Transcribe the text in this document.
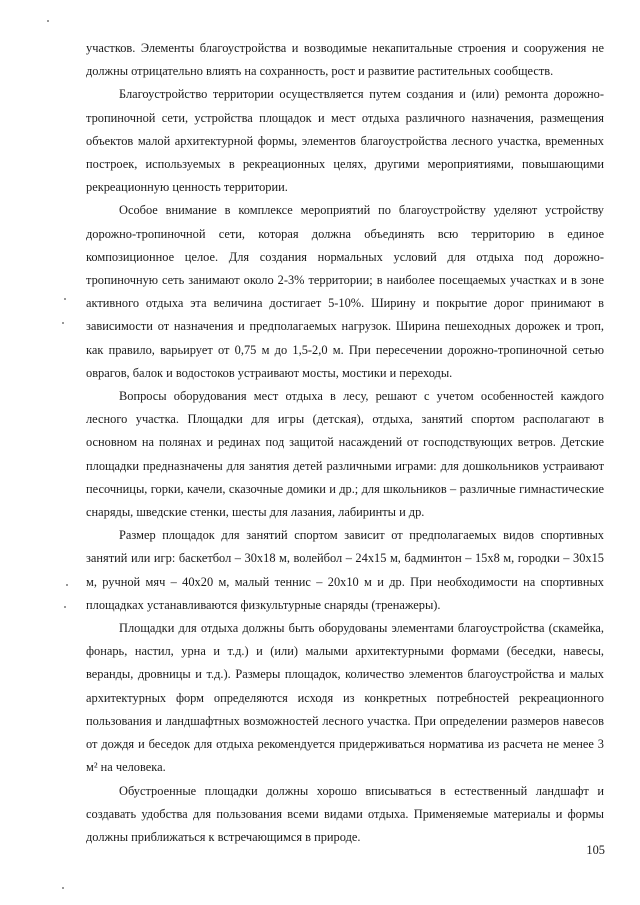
участков. Элементы благоустройства и возводимые некапитальные строения и сооружения не должны отрицательно влиять на сохранность, рост и развитие растительных сообществ.

Благоустройство территории осуществляется путем создания и (или) ремонта дорожно-тропиночной сети, устройства площадок и мест отдыха различного назначения, размещения объектов малой архитектурной формы, элементов благоустройства лесного участка, временных построек, используемых в рекреационных целях, другими мероприятиями, повышающими рекреационную ценность территории.

Особое внимание в комплексе мероприятий по благоустройству уделяют устройству дорожно-тропиночной сети, которая должна объединять всю территорию в единое композиционное целое. Для создания нормальных условий для отдыха под дорожно-тропиночную сеть занимают около 2-3% территории; в наиболее посещаемых участках и в зоне активного отдыха эта величина достигает 5-10%. Ширину и покрытие дорог принимают в зависимости от назначения и предполагаемых нагрузок. Ширина пешеходных дорожек и троп, как правило, варьирует от 0,75 м до 1,5-2,0 м. При пересечении дорожно-тропиночной сетью оврагов, балок и водостоков устраивают мосты, мостики и переходы.

Вопросы оборудования мест отдыха в лесу, решают с учетом особенностей каждого лесного участка. Площадки для игры (детская), отдыха, занятий спортом располагают в основном на полянах и рединах под защитой насаждений от господствующих ветров. Детские площадки предназначены для занятия детей различными играми: для дошкольников устраивают песочницы, горки, качели, сказочные домики и др.; для школьников – различные гимнастические снаряды, шведские стенки, шесты для лазания, лабиринты и др.

Размер площадок для занятий спортом зависит от предполагаемых видов спортивных занятий или игр: баскетбол – 30х18 м, волейбол – 24х15 м, бадминтон – 15х8 м, городки – 30х15 м, ручной мяч – 40х20 м, малый теннис – 20х10 м и др. При необходимости на спортивных площадках устанавливаются физкультурные снаряды (тренажеры).

Площадки для отдыха должны быть оборудованы элементами благоустройства (скамейка, фонарь, настил, урна и т.д.) и (или) малыми архитектурными формами (беседки, навесы, веранды, дровницы и т.д.). Размеры площадок, количество элементов благоустройства и малых архитектурных форм определяются исходя из конкретных потребностей рекреационного пользования и ландшафтных возможностей лесного участка. При определении размеров навесов от дождя и беседок для отдыха рекомендуется придерживаться норматива из расчета не менее 3 м² на человека.

Обустроенные площадки должны хорошо вписываться в естественный ландшафт и создавать удобства для пользования всеми видами отдыха. Применяемые материалы и формы должны приближаться к встречающимся в природе.

105
